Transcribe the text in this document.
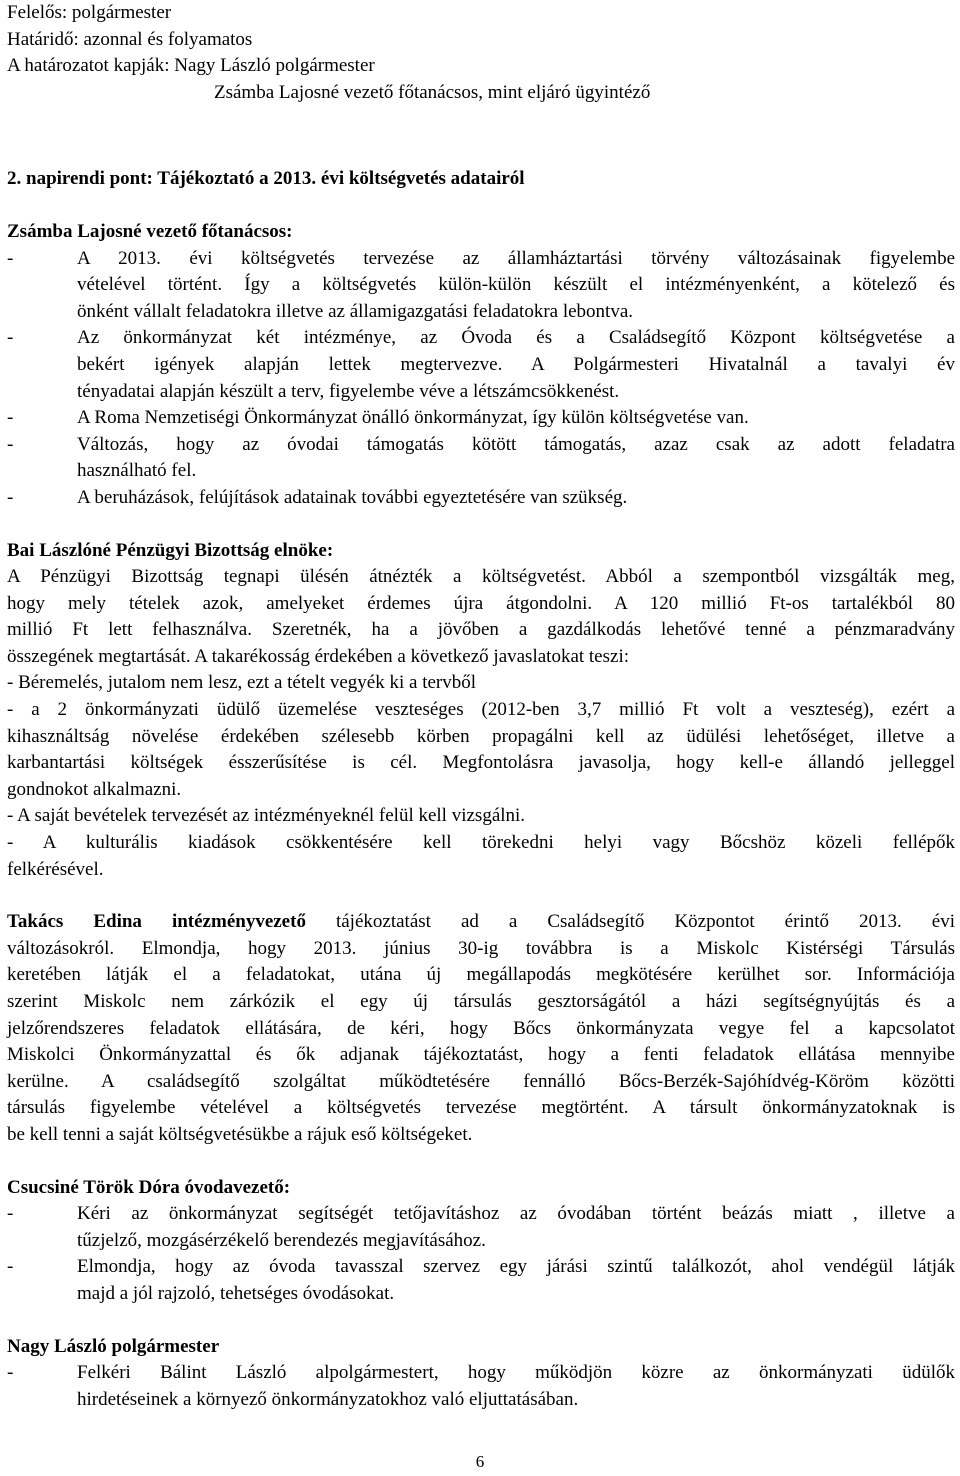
Felelős: polgármester
Határidő: azonnal és folyamatos
A határozatot kapják: Nagy László polgármester
Zsámba Lajosné vezető főtanácsos, mint eljáró ügyintéző
2. napirendi pont: Tájékoztató a 2013. évi költségvetés adatairól
Zsámba Lajosné vezető főtanácsos:
-	A 2013. évi költségvetés tervezése az államháztartási törvény változásainak figyelembe
vételével történt. Így a költségvetés külön-külön készült el intézményenként, a kötelező és
önként vállalt feladatokra illetve az államigazgatási feladatokra lebontva.
-	Az önkormányzat két intézménye, az Óvoda és a Családsegítő Központ költségvetése a
bekért igények alapján lettek megtervezve. A Polgármesteri Hivatalnál a tavalyi év
tényadatai alapján készült a terv, figyelembe véve a létszámcsökkenést.
-	A Roma Nemzetiségi Önkormányzat önálló önkormányzat, így külön költségvetése van.
-	Változás, hogy az óvodai támogatás kötött támogatás, azaz csak az adott feladatra
használható fel.
-	A beruházások, felújítások adatainak további egyeztetésére van szükség.
Bai Lászlóné Pénzügyi Bizottság elnöke:
A Pénzügyi Bizottság tegnapi ülésén átnézték a költségvetést. Abból a szempontból vizsgálták meg,
hogy mely tételek azok, amelyeket érdemes újra átgondolni. A 120 millió Ft-os tartalékból 80
millió Ft lett felhasználva. Szeretnék, ha a jövőben a gazdálkodás lehetővé tenné a pénzmaradvány
összegének megtartását. A takarékosság érdekében a következő javaslatokat teszi:
- Béremelés, jutalom nem lesz, ezt a tételt vegyék ki a tervből
- a 2 önkormányzati üdülő üzemelése veszteséges (2012-ben 3,7 millió Ft volt a veszteség), ezért a
kihasználtság növelése érdekében szélesebb körben propagálni kell az üdülési lehetőséget, illetve a
karbantartási költségek ésszerűsítése is cél. Megfontolásra javasolja, hogy kell-e állandó jelleggel
gondnokot alkalmazni.
- A saját bevételek tervezését az intézményeknél felül kell vizsgálni.
- A kulturális kiadások csökkentésére kell törekedni helyi vagy Bőcshöz közeli fellépők
felkérésével.
Takács Edina intézményvezető tájékoztatást ad a Családsegítő Központot érintő 2013. évi
változásokról. Elmondja, hogy 2013. június 30-ig továbbra is a Miskolc Kistérségi Társulás
keretében látják el a feladatokat, utána új megállapodás megkötésére kerülhet sor. Információja
szerint Miskolc nem zárkózik el egy új társulás gesztorságától a házi segítségnyújtás és a
jelzőrendszeres feladatok ellátására, de kéri, hogy Bőcs önkormányzata vegye fel a kapcsolatot
Miskolci Önkormányzattal és ők adjanak tájékoztatást, hogy a fenti feladatok ellátása mennyibe
kerülne. A családsegítő szolgáltat működtetésére fennálló Bőcs-Berzék-Sajóhídvég-Köröm közötti
társulás figyelembe vételével a költségvetés tervezése megtörtént. A társult önkormányzatoknak is
be kell tenni a saját költségvetésükbe a rájuk eső költségeket.
Csucsiné Török Dóra óvodavezető:
-	Kéri az önkormányzat segítségét tetőjavításhoz az óvodában történt beázás miatt , illetve a
tűzjelző, mozgásérzékelő berendezés megjavításához.
-	Elmondja, hogy az óvoda tavasszal szervez egy járási szintű találkozót, ahol vendégül látják
majd a jól rajzoló, tehetséges óvodásokat.
Nagy László polgármester
-	Felkéri Bálint László alpolgármestert, hogy működjön közre az önkormányzati üdülők
hirdetéseinek a környező önkormányzatokhoz való eljuttatásában.
6
